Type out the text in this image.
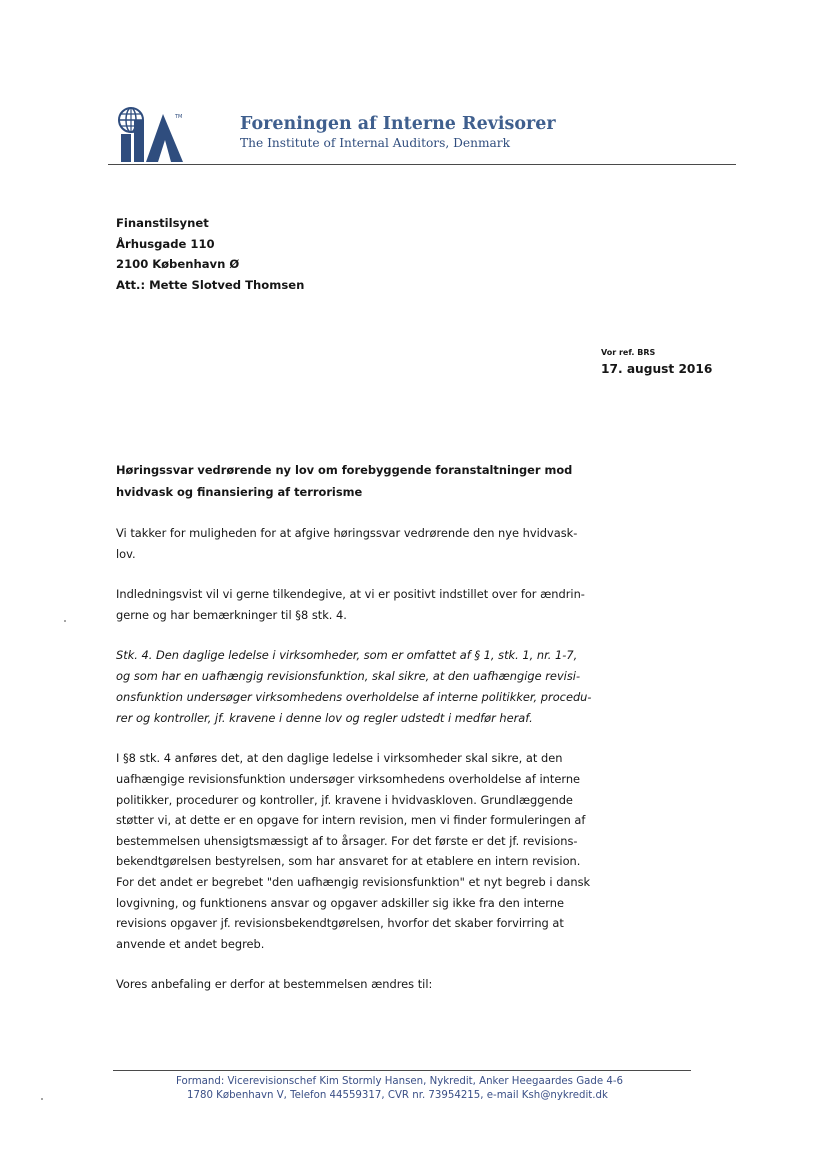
TM	Foreningen af Interne Revisorer
The Institute of Internal Auditors, Denmark
Finanstilsynet
Århusgade 110
2100 København Ø
Att.: Mette Slotved Thomsen
Vor ref. BRS
17. august 2016
Høringssvar vedrørende ny lov om forebyggende foranstaltninger mod
hvidvask og finansiering af terrorisme
Vi takker for muligheden for at afgive høringssvar vedrørende den nye hvidvask-
lov.
Indledningsvist vil vi gerne tilkendegive, at vi er positivt indstillet over for ændrin-
gerne og har bemærkninger til §8 stk. 4.
Stk. 4. Den daglige ledelse i virksomheder, som er omfattet af § 1, stk. 1, nr. 1-7,
og som har en uafhængig revisionsfunktion, skal sikre, at den uafhængige revisi-
onsfunktion undersøger virksomhedens overholdelse af interne politikker, procedu-
rer og kontroller, jf. kravene i denne lov og regler udstedt i medfør heraf.
I §8 stk. 4 anføres det, at den daglige ledelse i virksomheder skal sikre, at den
uafhængige revisionsfunktion undersøger virksomhedens overholdelse af interne
politikker, procedurer og kontroller, jf. kravene i hvidvaskloven. Grundlæggende
støtter vi, at dette er en opgave for intern revision, men vi finder formuleringen af
bestemmelsen uhensigtsmæssigt af to årsager. For det første er det jf. revisions-
bekendtgørelsen bestyrelsen, som har ansvaret for at etablere en intern revision.
For det andet er begrebet "den uafhængig revisionsfunktion" et nyt begreb i dansk
lovgivning, og funktionens ansvar og opgaver adskiller sig ikke fra den interne
revisions opgaver jf. revisionsbekendtgørelsen, hvorfor det skaber forvirring at
anvende et andet begreb.
Vores anbefaling er derfor at bestemmelsen ændres til:
Formand: Vicerevisionschef Kim Stormly Hansen, Nykredit, Anker Heegaardes Gade 4-6
1780 København V, Telefon 44559317, CVR nr. 73954215, e-mail Ksh@nykredit.dk
